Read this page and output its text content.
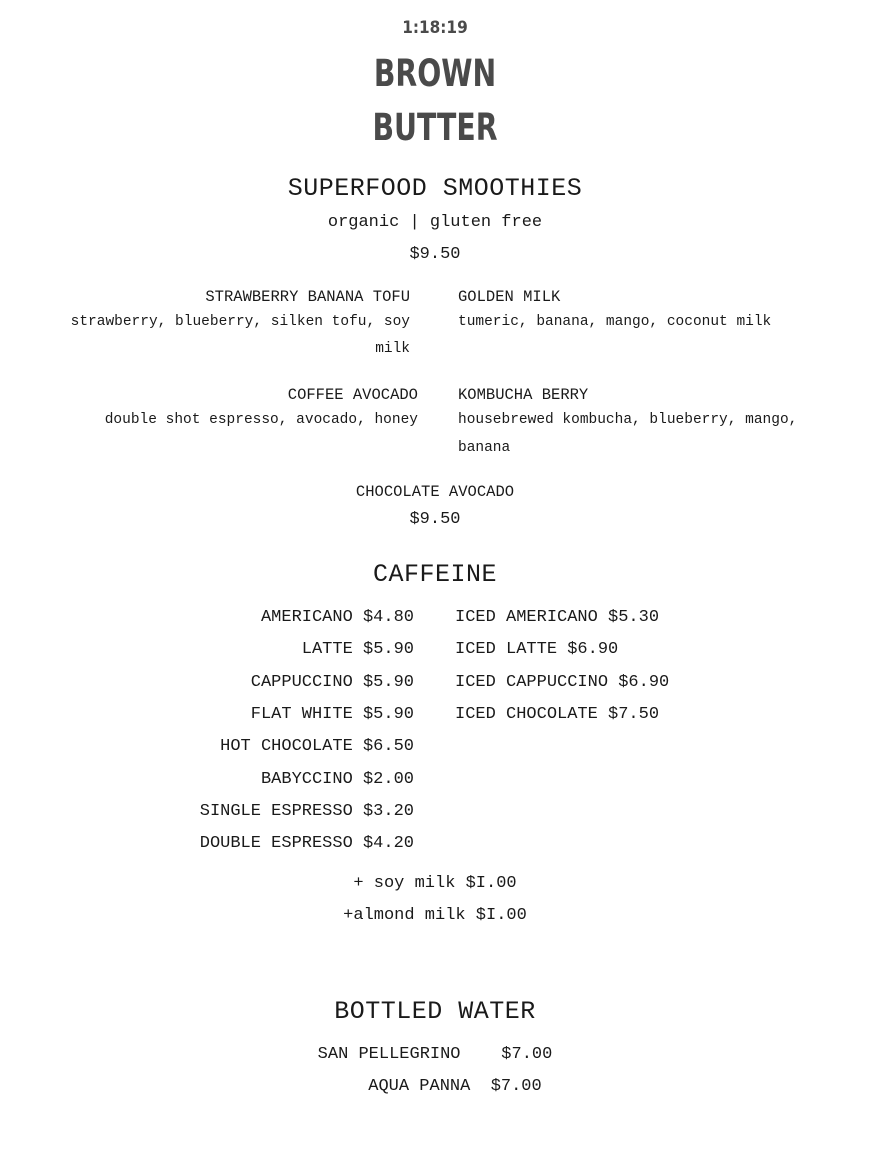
1:18:19
BROWN
BUTTER
SUPERFOOD SMOOTHIES
organic | gluten free
$9.50
STRAWBERRY BANANA TOFU
strawberry, blueberry, silken tofu, soy
milk
GOLDEN MILK
tumeric, banana, mango, coconut milk
COFFEE AVOCADO
double shot espresso, avocado, honey
KOMBUCHA BERRY
housebrewed kombucha, blueberry, mango,
banana
CHOCOLATE AVOCADO
$9.50
CAFFEINE
AMERICANO $4.80
LATTE $5.90
CAPPUCCINO $5.90
FLAT WHITE $5.90
HOT CHOCOLATE $6.50
BABYCCINO $2.00
SINGLE ESPRESSO $3.20
DOUBLE ESPRESSO $4.20
ICED AMERICANO $5.30
ICED LATTE $6.90
ICED CAPPUCCINO $6.90
ICED CHOCOLATE $7.50
+ soy milk $I.00
+almond milk $I.00
BOTTLED WATER
SAN PELLEGRINO    $7.00
AQUA PANNA  $7.00
